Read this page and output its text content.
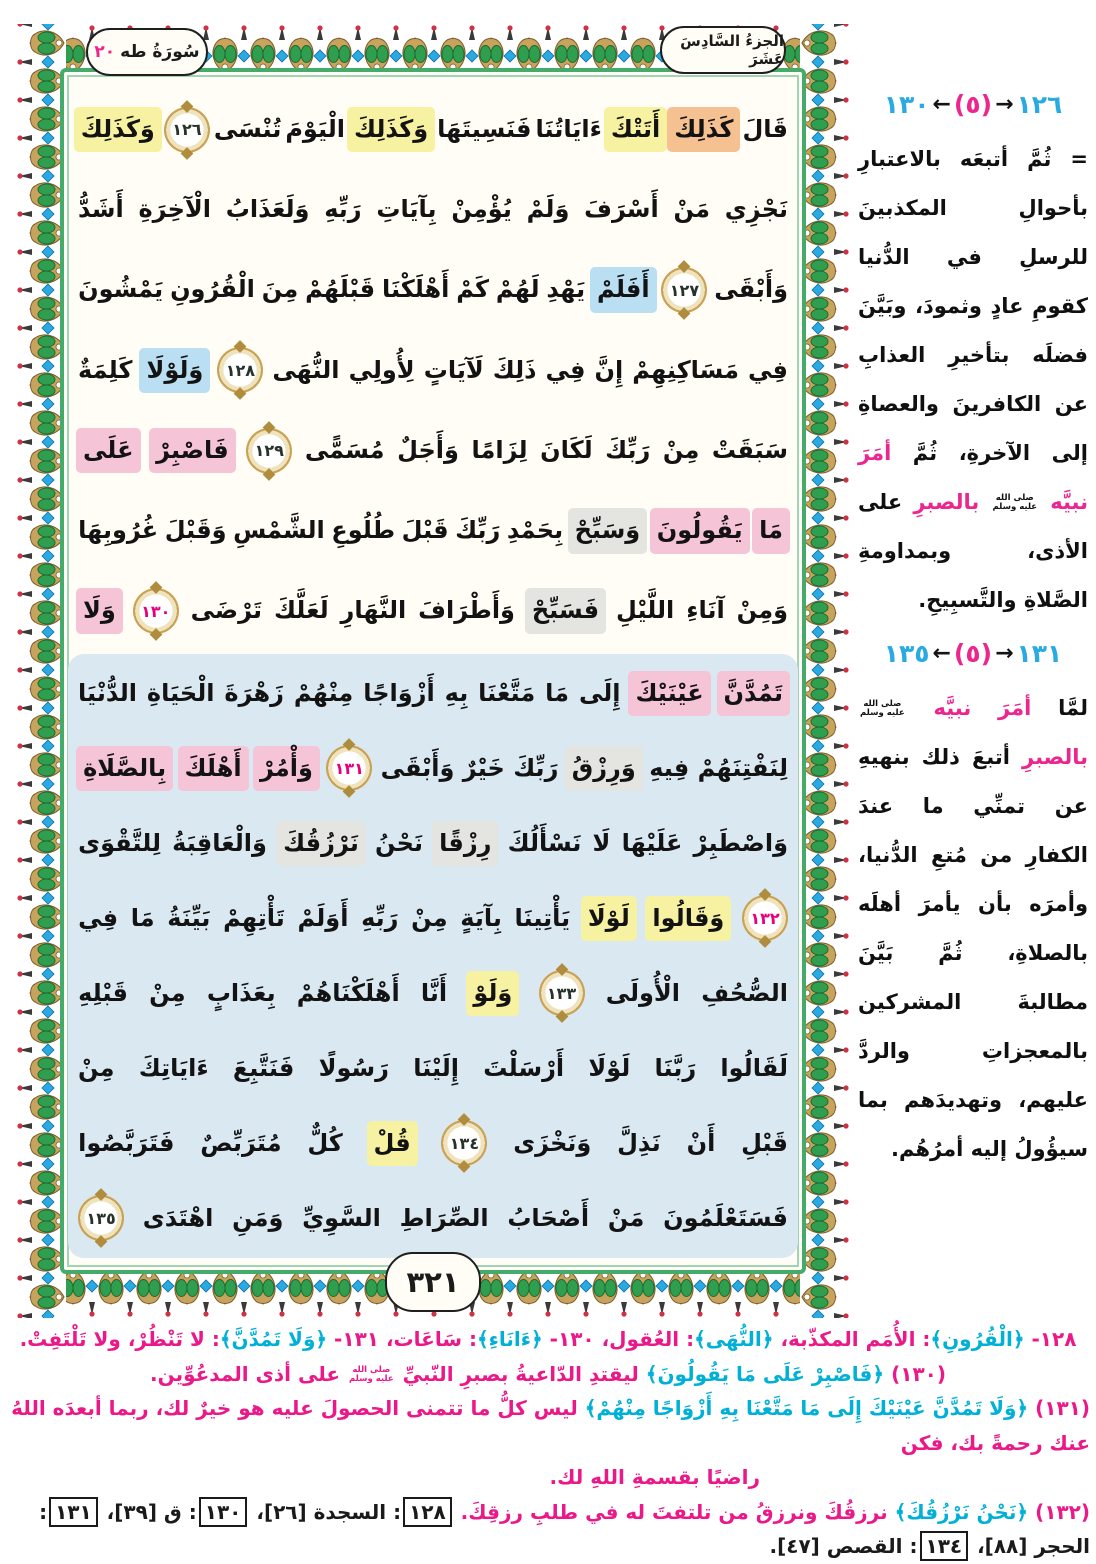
سُورَةُ طه
٢٠
الجزءُ السَّادِسَ عَشَرَ
٣٢١
قَالَ
كَذَلِكَ
أَتَتْكَ
ءَايَاتُنَا
فَنَسِيتَهَا
وَكَذَلِكَ
الْيَوْمَ
تُنْسَى
١٢٦
وَكَذَلِكَ
نَجْزِي
مَنْ
أَسْرَفَ
وَلَمْ
يُؤْمِنْ
بِآيَاتِ
رَبِّهِ
وَلَعَذَابُ
الْآخِرَةِ
أَشَدُّ
وَأَبْقَى
١٢٧
أَفَلَمْ
يَهْدِ
لَهُمْ
كَمْ
أَهْلَكْنَا
قَبْلَهُمْ
مِنَ
الْقُرُونِ
يَمْشُونَ
فِي
مَسَاكِنِهِمْ
إِنَّ
فِي
ذَلِكَ
لَآيَاتٍ
لِأُولِي
النُّهَى
١٢٨
وَلَوْلَا
كَلِمَةٌ
سَبَقَتْ
مِنْ
رَبِّكَ
لَكَانَ
لِزَامًا
وَأَجَلٌ
مُسَمًّى
١٢٩
فَاصْبِرْ
عَلَى
مَا
يَقُولُونَ
وَسَبِّحْ
بِحَمْدِ
رَبِّكَ
قَبْلَ
طُلُوعِ
الشَّمْسِ
وَقَبْلَ
غُرُوبِهَا
وَمِنْ
آنَاءِ
اللَّيْلِ
فَسَبِّحْ
وَأَطْرَافَ
النَّهَارِ
لَعَلَّكَ
تَرْضَى
١٣٠
وَلَا
تَمُدَّنَّ
عَيْنَيْكَ
إِلَى
مَا
مَتَّعْنَا
بِهِ
أَزْوَاجًا
مِنْهُمْ
زَهْرَةَ
الْحَيَاةِ
الدُّنْيَا
لِنَفْتِنَهُمْ
فِيهِ
وَرِزْقُ
رَبِّكَ
خَيْرٌ
وَأَبْقَى
١٣١
وَأْمُرْ
أَهْلَكَ
بِالصَّلَاةِ
وَاصْطَبِرْ
عَلَيْهَا
لَا
نَسْأَلُكَ
رِزْقًا
نَحْنُ
نَرْزُقُكَ
وَالْعَاقِبَةُ
لِلتَّقْوَى
١٣٢
وَقَالُوا
لَوْلَا
يَأْتِينَا
بِآيَةٍ
مِنْ
رَبِّهِ
أَوَلَمْ
تَأْتِهِمْ
بَيِّنَةُ
مَا
فِي
الصُّحُفِ
الْأُولَى
١٣٣
وَلَوْ
أَنَّا
أَهْلَكْنَاهُمْ
بِعَذَابٍ
مِنْ
قَبْلِهِ
لَقَالُوا
رَبَّنَا
لَوْلَا
أَرْسَلْتَ
إِلَيْنَا
رَسُولًا
فَنَتَّبِعَ
ءَايَاتِكَ
مِنْ
قَبْلِ
أَنْ
نَذِلَّ
وَنَخْزَى
١٣٤
قُلْ
كُلٌّ
مُتَرَبِّصٌ
فَتَرَبَّصُوا
فَسَتَعْلَمُونَ
مَنْ
أَصْحَابُ
الصِّرَاطِ
السَّوِيِّ
وَمَنِ
اهْتَدَى
١٣٥
١٣٠ ← (٥) → ١٢٦

= ثُمَّ أتبعَه بالاعتبارِ بأحوالِ المكذبينَ للرسلِ في الدُّنيا كقومِ عادٍ وثمودَ، وبَيَّنَ فضلَه بتأخيرِ العذابِ عن الكافرينَ والعصاةِ إلى الآخرةِ، ثُمَّ أمَرَ نبيَّه
صلى الله
عليه وسلم
بالصبرِ على الأذى، وبمداومةِ الصَّلاةِ والتَّسبِيحِ.

١٣٥ ← (٥) → ١٣١

لمَّا أمَرَ نبيَّه
صلى الله
عليه وسلم
بالصبرِ أتبعَ ذلك بنهيهِ عن تمنِّي ما عندَ الكفارِ من مُتعِ الدُّنيا، وأمرَه بأن يأمرَ أهلَه بالصلاةِ، ثُمَّ بَيَّنَ مطالبةَ المشركين بالمعجزاتِ والردَّ عليهم، وتهديدَهم بما سيؤُولُ إليه أمرُهُم.

١٢٨- ﴿الْقُرُونِ﴾: الأُمَم المكذّبة، ﴿النُّهَى﴾: العُقول، ١٣٠- ﴿ءَانَاءِ﴾: سَاعَات، ١٣١- ﴿وَلَا تَمُدَّنَّ﴾: لا تَنْظُرْ، ولا تَلْتَفِتْ.
(١٣٠) ﴿فَاصْبِرْ عَلَى مَا يَقُولُونَ﴾ ليقتدِ الدّاعيةُ بصبرِ النّبيِّ
صلى الله
عليه وسلم
على أذى المدعُوِّين.
(١٣١) ﴿وَلَا تَمُدَّنَّ عَيْنَيْكَ إِلَى مَا مَتَّعْنَا بِهِ أَزْوَاجًا مِنْهُمْ﴾ ليس كلُّ ما تتمنى الحصولَ عليه هو خيرٌ لك، ربما أبعدَه اللهُ عنك رحمةً بك، فكن
راضيًا بقسمةِ اللهِ لك.
(١٣٢) ﴿نَحْنُ نَرْزُقُكَ﴾ نرزقُكَ ونرزقُ من تلتفتَ له في طلبِ رزقِكَ. ١٢٨: السجدة [٢٦]، ١٣٠: ق [٣٩]، ١٣١: الحجر [٨٨]، ١٣٤: القصص [٤٧].
